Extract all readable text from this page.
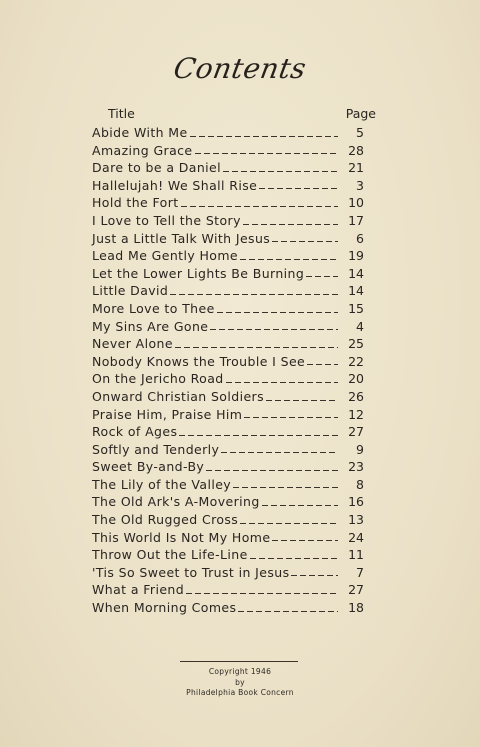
Contents
Title	Page
Abide With Me	5
Amazing Grace	28
Dare to be a Daniel	21
Hallelujah! We Shall Rise	3
Hold the Fort	10
I Love to Tell the Story	17
Just a Little Talk With Jesus	6
Lead Me Gently Home	19
Let the Lower Lights Be Burning	14
Little David	14
More Love to Thee	15
My Sins Are Gone	4
Never Alone	25
Nobody Knows the Trouble I See	22
On the Jericho Road	20
Onward Christian Soldiers	26
Praise Him, Praise Him	12
Rock of Ages	27
Softly and Tenderly	9
Sweet By-and-By	23
The Lily of the Valley	8
The Old Ark's A-Movering	16
The Old Rugged Cross	13
This World Is Not My Home	24
Throw Out the Life-Line	11
'Tis So Sweet to Trust in Jesus	7
What a Friend	27
When Morning Comes	18
Copyright 1946
by
Philadelphia Book Concern
